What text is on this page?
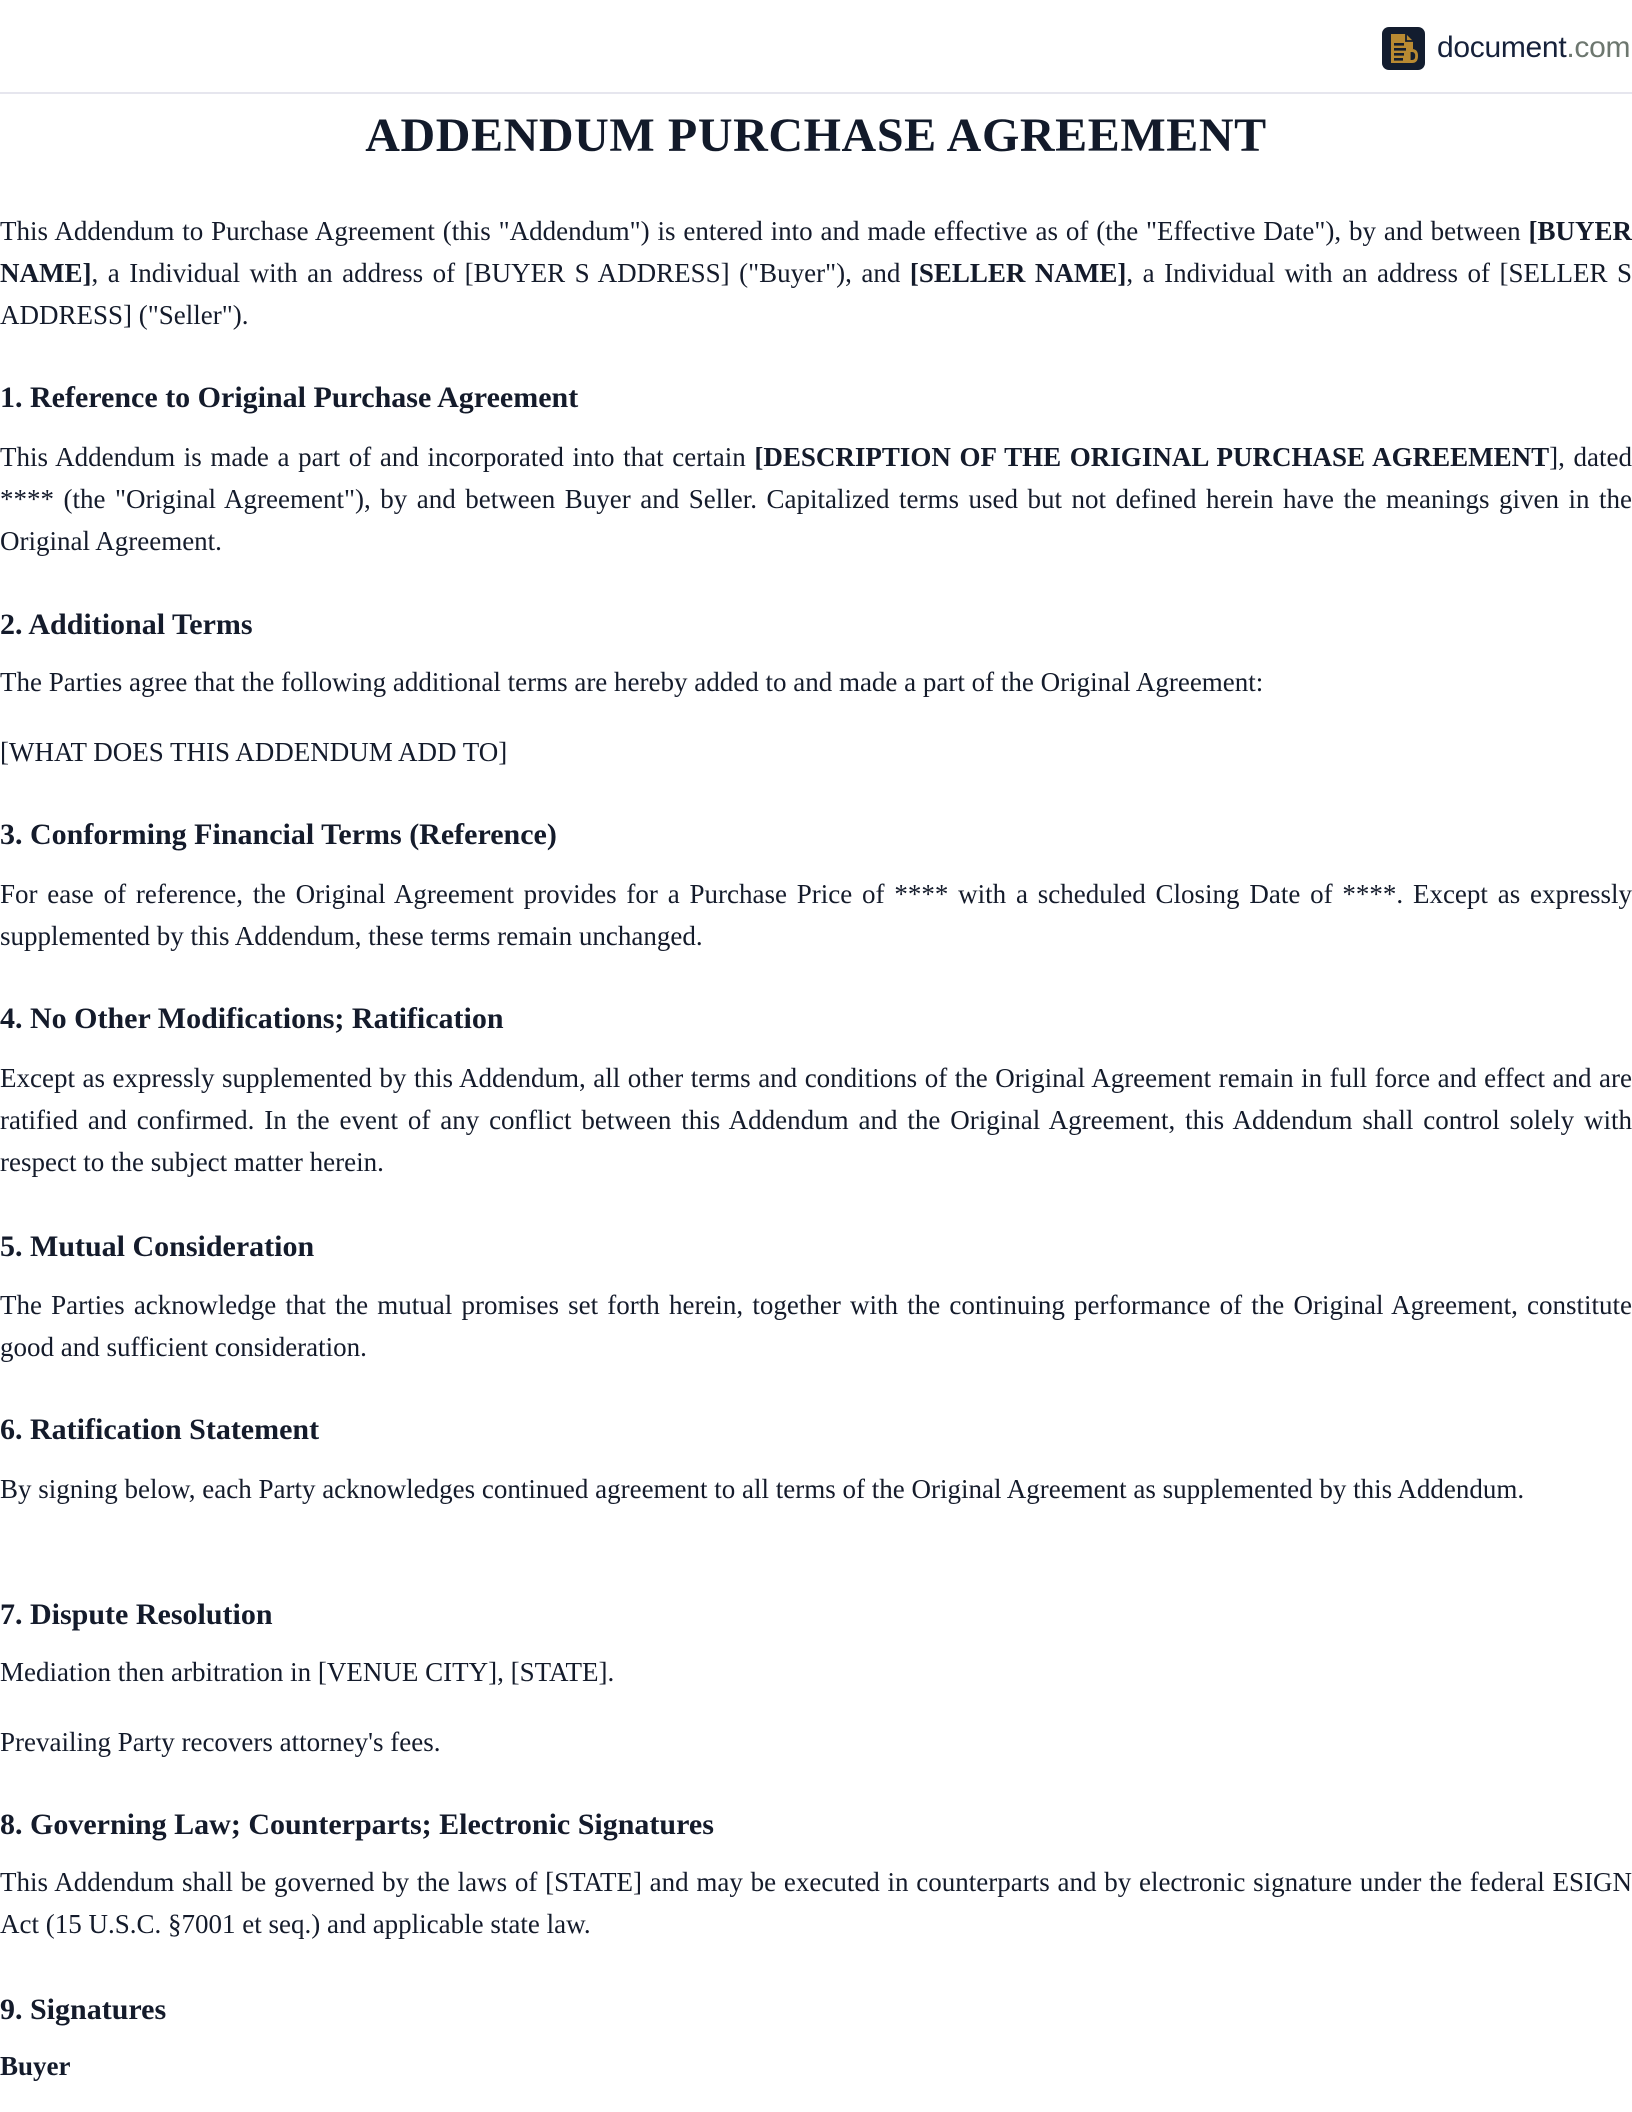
document.com
ADDENDUM PURCHASE AGREEMENT

This Addendum to Purchase Agreement (this "Addendum") is entered into and made effective as of (the "Effective Date"), by and between [BUYER NAME], a Individual with an address of [BUYER S ADDRESS] ("Buyer"), and [SELLER NAME], a Individual with an address of [SELLER S ADDRESS] ("Seller").

1. Reference to Original Purchase Agreement

This Addendum is made a part of and incorporated into that certain [DESCRIPTION OF THE ORIGINAL PURCHASE AGREEMENT], dated **** (the "Original Agreement"), by and between Buyer and Seller. Capitalized terms used but not defined herein have the meanings given in the Original Agreement.

2. Additional Terms

The Parties agree that the following additional terms are hereby added to and made a part of the Original Agreement:

[WHAT DOES THIS ADDENDUM ADD TO]

3. Conforming Financial Terms (Reference)

For ease of reference, the Original Agreement provides for a Purchase Price of **** with a scheduled Closing Date of ****. Except as expressly supplemented by this Addendum, these terms remain unchanged.

4. No Other Modifications; Ratification

Except as expressly supplemented by this Addendum, all other terms and conditions of the Original Agreement remain in full force and effect and are ratified and confirmed. In the event of any conflict between this Addendum and the Original Agreement, this Addendum shall control solely with respect to the subject matter herein.

5. Mutual Consideration

The Parties acknowledge that the mutual promises set forth herein, together with the continuing performance of the Original Agreement, constitute good and sufficient consideration.

6. Ratification Statement

By signing below, each Party acknowledges continued agreement to all terms of the Original Agreement as supplemented by this Addendum.

7. Dispute Resolution

Mediation then arbitration in [VENUE CITY], [STATE].

Prevailing Party recovers attorney's fees.

8. Governing Law; Counterparts; Electronic Signatures

This Addendum shall be governed by the laws of [STATE] and may be executed in counterparts and by electronic signature under the federal ESIGN Act (15 U.S.C. §7001 et seq.) and applicable state law.

9. Signatures
Buyer
